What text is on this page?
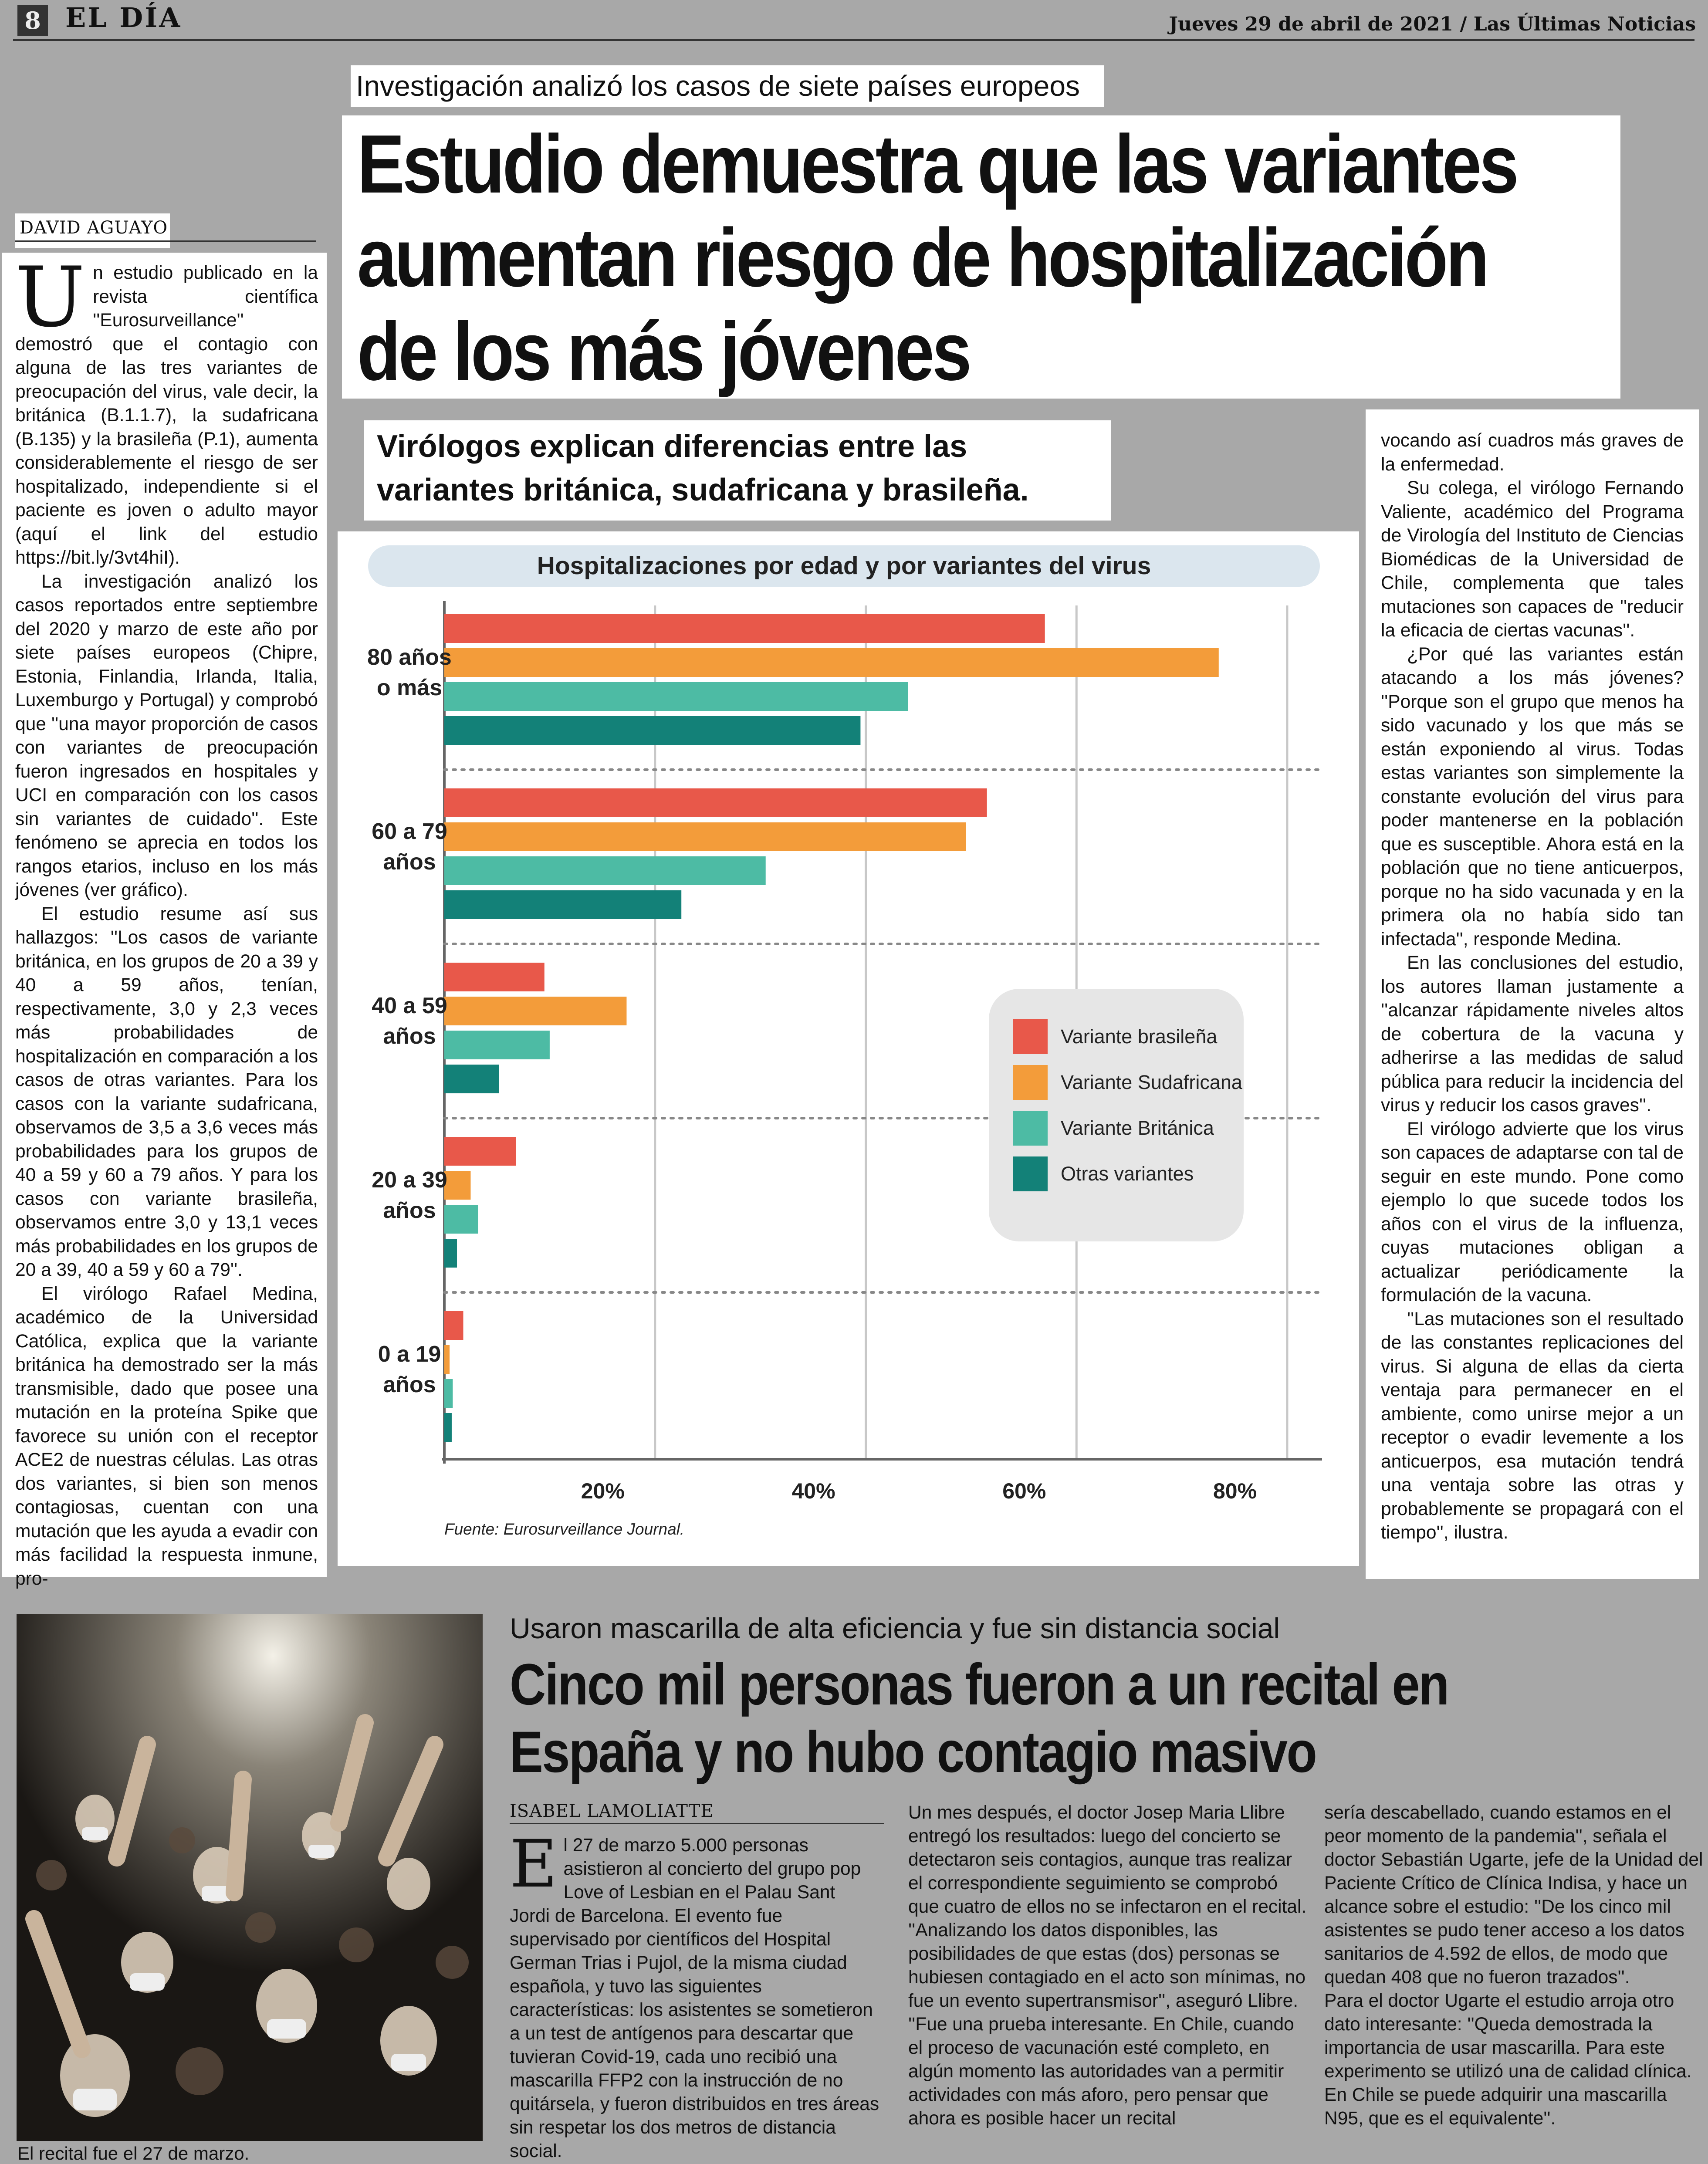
8 EL DÍA	Jueves 29 de abril de 2021 / Las Últimas Noticias
Investigación analizó los casos de siete países europeos
Estudio demuestra que las variantes
aumentan riesgo de hospitalización
de los más jóvenes
DAVID AGUAYO
Virólogos explican diferencias entre las variantes británica, sudafricana y brasileña.
U n estudio publicado en la revista científica ''Eurosurveillance'' demostró que el contagio con alguna de las tres variantes de preocupación del virus, vale decir, la británica (B.1.1.7), la sudafricana (B.135) y la brasileña (P.1), aumenta considerablemente el riesgo de ser hospitalizado, independiente si el paciente es joven o adulto mayor (aquí el link del estudio https://bit.ly/3vt4hiI).

La investigación analizó los casos reportados entre septiembre del 2020 y marzo de este año por siete países europeos (Chipre, Estonia, Finlandia, Irlanda, Italia, Luxemburgo y Portugal) y comprobó que ''una mayor proporción de casos con variantes de preocupación fueron ingresados en hospitales y UCI en comparación con los casos sin variantes de cuidado''. Este fenómeno se aprecia en todos los rangos etarios, incluso en los más jóvenes (ver gráfico).

El estudio resume así sus hallazgos: ''Los casos de variante británica, en los grupos de 20 a 39 y 40 a 59 años, tenían, respectivamente, 3,0 y 2,3 veces más probabilidades de hospitalización en comparación a los casos de otras variantes. Para los casos con la variante sudafricana, observamos de 3,5 a 3,6 veces más probabilidades para los grupos de 40 a 59 y 60 a 79 años. Y para los casos con variante brasileña, observamos entre 3,0 y 13,1 veces más probabilidades en los grupos de 20 a 39, 40 a 59 y 60 a 79''.

El virólogo Rafael Medina, académico de la Universidad Católica, explica que la variante británica ha demostrado ser la más transmisible, dado que posee una mutación en la proteína Spike que favorece su unión con el receptor ACE2 de nuestras células. Las otras dos variantes, si bien son menos contagiosas, cuentan con una mutación que les ayuda a evadir con más facilidad la respuesta inmune, pro-

vocando así cuadros más graves de la enfermedad.

Su colega, el virólogo Fernando Valiente, académico del Programa de Virología del Instituto de Ciencias Biomédicas de la Universidad de Chile, complementa que tales mutaciones son capaces de ''reducir la eficacia de ciertas vacunas''.

¿Por qué las variantes están atacando a los más jóvenes? ''Porque son el grupo que menos ha sido vacunado y los que más se están exponiendo al virus. Todas estas variantes son simplemente la constante evolución del virus para poder mantenerse en la población que es susceptible. Ahora está en la población que no tiene anticuerpos, porque no ha sido vacunada y en la primera ola no había sido tan infectada'', responde Medina.

En las conclusiones del estudio, los autores llaman justamente a ''alcanzar rápidamente niveles altos de cobertura de la vacuna y adherirse a las medidas de salud pública para reducir la incidencia del virus y reducir los casos graves''.

El virólogo advierte que los virus son capaces de adaptarse con tal de seguir en este mundo. Pone como ejemplo lo que sucede todos los años con el virus de la influenza, cuyas mutaciones obligan a actualizar periódicamente la formulación de la vacuna.

''Las mutaciones son el resultado de las constantes replicaciones del virus. Si alguna de ellas da cierta ventaja para permanecer en el ambiente, como unirse mejor a un receptor o evadir levemente a los anticuerpos, esa mutación tendrá una ventaja sobre las otras y probablemente se propagará con el tiempo'', ilustra.

Hospitalizaciones por edad y por variantes del virus
20%	40%	60%	80%
80 años
o más
60 a 79
años
40 a 59
años
20 a 39
años
0 a 19
años
Variante brasileña
Variante Sudafricana
Variante Británica
Otras variantes
Fuente: Eurosurveillance Journal.
El recital fue el 27 de marzo.
Usaron mascarilla de alta eficiencia y fue sin distancia social
Cinco mil personas fueron a un recital en
España y no hubo contagio masivo
ISABEL LAMOLIATTE
E l 27 de marzo 5.000 personas asistieron al concierto del grupo pop Love of Lesbian en el Palau Sant Jordi de Barcelona. El evento fue supervisado por científicos del Hospital German Trias i Pujol, de la misma ciudad española, y tuvo las siguientes características: los asistentes se sometieron a un test de antígenos para descartar que tuvieran Covid-19, cada uno recibió una mascarilla FFP2 con la instrucción de no quitársela, y fueron distribuidos en tres áreas sin respetar los dos metros de distancia social.

Un mes después, el doctor Josep Maria Llibre entregó los resultados: luego del concierto se detectaron seis contagios, aunque tras realizar el correspondiente seguimiento se comprobó que cuatro de ellos no se infectaron en el recital. ''Analizando los datos disponibles, las posibilidades de que estas (dos) personas se hubiesen contagiado en el acto son mínimas, no fue un evento supertransmisor'', aseguró Llibre.

''Fue una prueba interesante. En Chile, cuando el proceso de vacunación esté completo, en algún momento las autoridades van a permitir actividades con más aforo, pero pensar que ahora es posible hacer un recital

sería descabellado, cuando estamos en el peor momento de la pandemia'', señala el doctor Sebastián Ugarte, jefe de la Unidad del Paciente Crítico de Clínica Indisa, y hace un alcance sobre el estudio: ''De los cinco mil asistentes se pudo tener acceso a los datos sanitarios de 4.592 de ellos, de modo que quedan 408 que no fueron trazados''.

Para el doctor Ugarte el estudio arroja otro dato interesante: ''Queda demostrada la importancia de usar mascarilla. Para este experimento se utilizó una de calidad clínica. En Chile se puede adquirir una mascarilla N95, que es el equivalente''.
